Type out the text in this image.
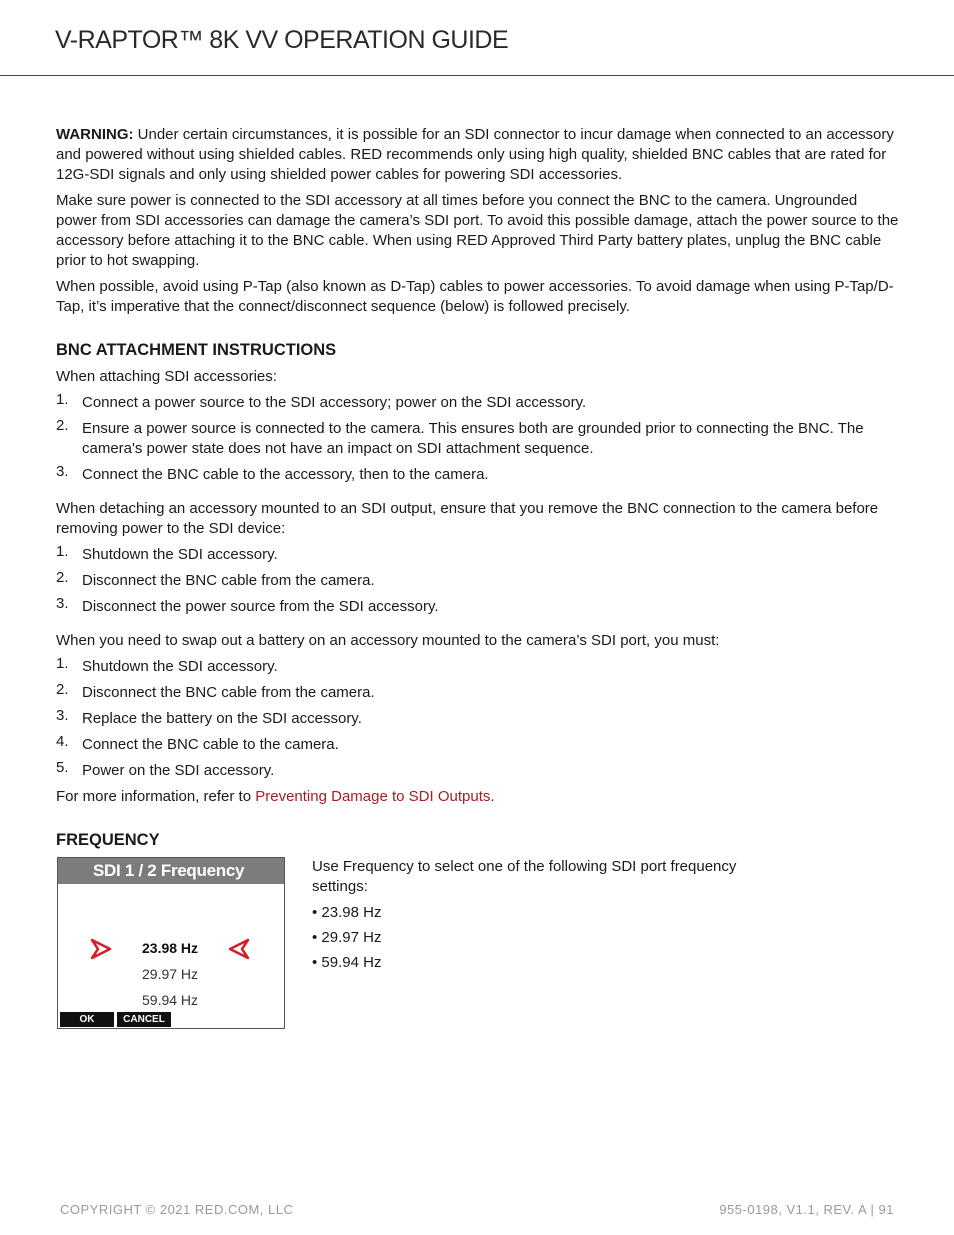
V-RAPTOR™ 8K VV OPERATION GUIDE

WARNING: Under certain circumstances, it is possible for an SDI connector to incur damage when connected to an accessory and powered without using shielded cables. RED recommends only using high quality, shielded BNC cables that are rated for 12G-SDI signals and only using shielded power cables for powering SDI accessories.

Make sure power is connected to the SDI accessory at all times before you connect the BNC to the camera. Ungrounded power from SDI accessories can damage the camera’s SDI port. To avoid this possible damage, attach the power source to the accessory before attaching it to the BNC cable. When using RED Approved Third Party battery plates, unplug the BNC cable prior to hot swapping.

When possible, avoid using P-Tap (also known as D-Tap) cables to power accessories. To avoid damage when using P-Tap/D-Tap, it’s imperative that the connect/disconnect sequence (below) is followed precisely.

BNC ATTACHMENT INSTRUCTIONS

When attaching SDI accessories:

1. Connect a power source to the SDI accessory; power on the SDI accessory.
2. Ensure a power source is connected to the camera. This ensures both are grounded prior to connecting the BNC. The camera's power state does not have an impact on SDI attachment sequence.
3. Connect the BNC cable to the accessory, then to the camera.

When detaching an accessory mounted to an SDI output, ensure that you remove the BNC connection to the camera before removing power to the SDI device:

1. Shutdown the SDI accessory.
2. Disconnect the BNC cable from the camera.
3. Disconnect the power source from the SDI accessory.

When you need to swap out a battery on an accessory mounted to the camera’s SDI port, you must:

1. Shutdown the SDI accessory.
2. Disconnect the BNC cable from the camera.
3. Replace the battery on the SDI accessory.
4. Connect the BNC cable to the camera.
5. Power on the SDI accessory.

For more information, refer to Preventing Damage to SDI Outputs.

FREQUENCY
SDI 1 / 2 Frequency
23.98 Hz
29.97 Hz
59.94 Hz
OK	CANCEL

Use Frequency to select one of the following SDI port frequency settings:

• 23.98 Hz
• 29.97 Hz
• 59.94 Hz
COPYRIGHT © 2021 RED.COM, LLC	955-0198, V1.1, REV. A | 91
